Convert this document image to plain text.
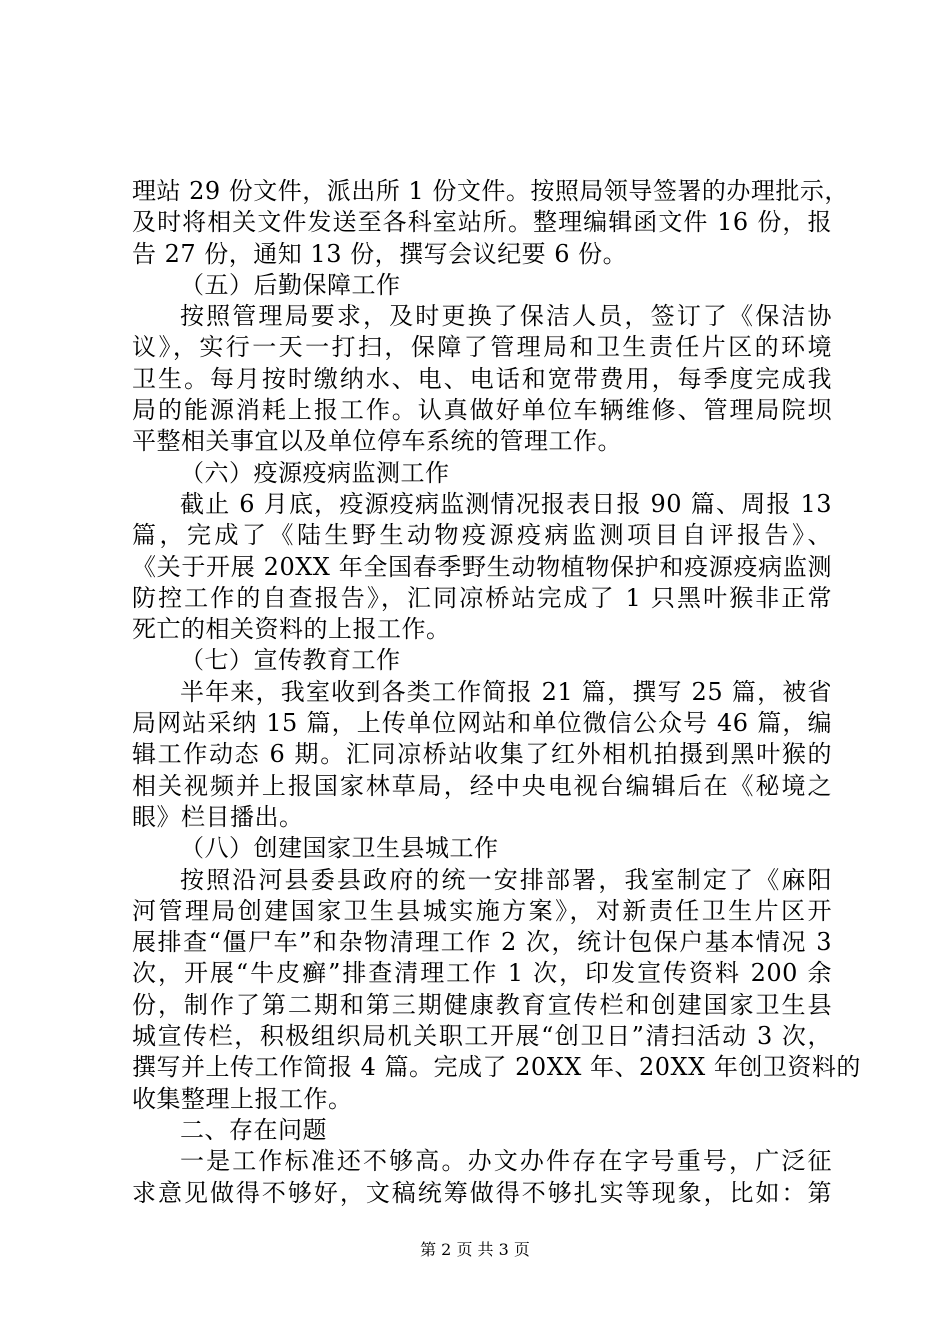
理站 29 份文件，派出所 1 份文件。按照局领导签署的办理批示，
及时将相关文件发送至各科室站所。整理编辑函文件 16 份，报
告 27 份，通知 13 份，撰写会议纪要 6 份。
（五）后勤保障工作
按照管理局要求，及时更换了保洁人员，签订了《保洁协
议》，实行一天一打扫，保障了管理局和卫生责任片区的环境
卫生。每月按时缴纳水、电、电话和宽带费用，每季度完成我
局的能源消耗上报工作。认真做好单位车辆维修、管理局院坝
平整相关事宜以及单位停车系统的管理工作。
（六）疫源疫病监测工作
截止 6 月底，疫源疫病监测情况报表日报 90 篇、周报 13
篇，完成了《陆生野生动物疫源疫病监测项目自评报告》、
《关于开展 20XX 年全国春季野生动物植物保护和疫源疫病监测
防控工作的自查报告》，汇同凉桥站完成了 1 只黑叶猴非正常
死亡的相关资料的上报工作。
（七）宣传教育工作
半年来，我室收到各类工作简报 21 篇，撰写 25 篇，被省
局网站采纳 15 篇，上传单位网站和单位微信公众号 46 篇，编
辑工作动态 6 期。汇同凉桥站收集了红外相机拍摄到黑叶猴的
相关视频并上报国家林草局，经中央电视台编辑后在《秘境之
眼》栏目播出。
（八）创建国家卫生县城工作
按照沿河县委县政府的统一安排部署，我室制定了《麻阳
河管理局创建国家卫生县城实施方案》，对新责任卫生片区开
展排查“僵尸车”和杂物清理工作 2 次，统计包保户基本情况 3
次，开展“牛皮癣”排查清理工作 1 次，印发宣传资料 200 余
份，制作了第二期和第三期健康教育宣传栏和创建国家卫生县
城宣传栏，积极组织局机关职工开展“创卫日”清扫活动 3 次，
撰写并上传工作简报 4 篇。完成了 20XX 年、20XX 年创卫资料的
收集整理上报工作。
二、存在问题
一是工作标准还不够高。办文办件存在字号重号，广泛征
求意见做得不够好，文稿统筹做得不够扎实等现象，比如：第
第 2 页 共 3 页
